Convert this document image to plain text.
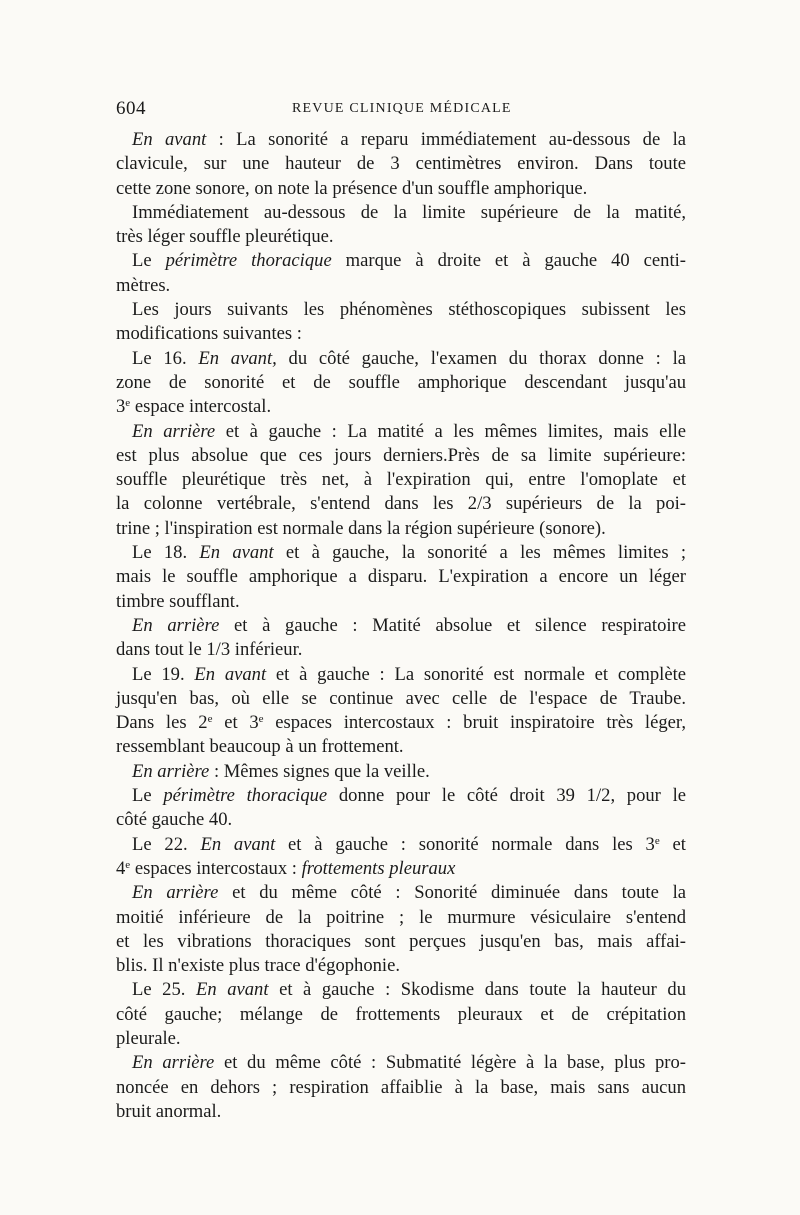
604	REVUE CLINIQUE MÉDICALE
En avant : La sonorité a reparu immédiatement au-dessous de la
clavicule, sur une hauteur de 3 centimètres environ. Dans toute
cette zone sonore, on note la présence d'un souffle amphorique.
Immédiatement au-dessous de la limite supérieure de la matité,
très léger souffle pleurétique.
Le périmètre thoracique marque à droite et à gauche 40 centi-
mètres.
Les jours suivants les phénomènes stéthoscopiques subissent les
modifications suivantes :
Le 16. En avant, du côté gauche, l'examen du thorax donne : la
zone de sonorité et de souffle amphorique descendant jusqu'au
3e espace intercostal.
En arrière et à gauche : La matité a les mêmes limites, mais elle
est plus absolue que ces jours derniers.Près de sa limite supérieure:
souffle pleurétique très net, à l'expiration qui, entre l'omoplate et
la colonne vertébrale, s'entend dans les 2/3 supérieurs de la poi-
trine ; l'inspiration est normale dans la région supérieure (sonore).
Le 18. En avant et à gauche, la sonorité a les mêmes limites ;
mais le souffle amphorique a disparu. L'expiration a encore un léger
timbre soufflant.
En arrière et à gauche : Matité absolue et silence respiratoire
dans tout le 1/3 inférieur.
Le 19. En avant et à gauche : La sonorité est normale et complète
jusqu'en bas, où elle se continue avec celle de l'espace de Traube.
Dans les 2e et 3e espaces intercostaux : bruit inspiratoire très léger,
ressemblant beaucoup à un frottement.
En arrière : Mêmes signes que la veille.
Le périmètre thoracique donne pour le côté droit 39 1/2, pour le
côté gauche 40.
Le 22. En avant et à gauche : sonorité normale dans les 3e et
4e espaces intercostaux : frottements pleuraux
En arrière et du même côté : Sonorité diminuée dans toute la
moitié inférieure de la poitrine ; le murmure vésiculaire s'entend
et les vibrations thoraciques sont perçues jusqu'en bas, mais affai-
blis. Il n'existe plus trace d'égophonie.
Le 25. En avant et à gauche : Skodisme dans toute la hauteur du
côté gauche; mélange de frottements pleuraux et de crépitation
pleurale.
En arrière et du même côté : Submatité légère à la base, plus pro-
noncée en dehors ; respiration affaiblie à la base, mais sans aucun
bruit anormal.
